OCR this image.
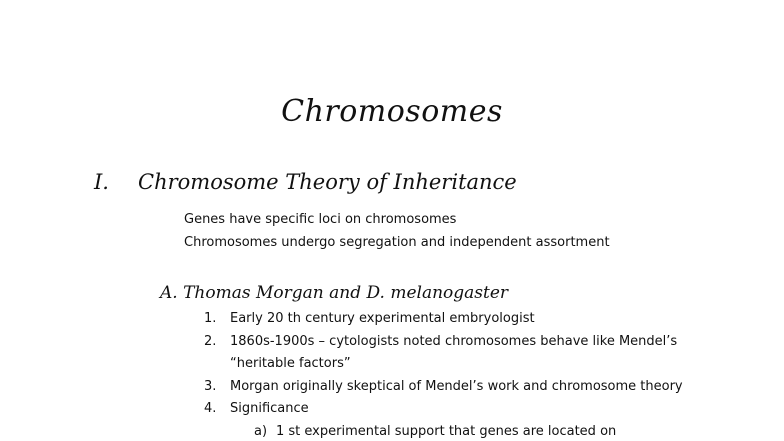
Chromosomes
I. Chromosome Theory of Inheritance
Genes have specific loci on chromosomes
Chromosomes undergo segregation and independent assortment
A. Thomas Morgan and D. melanogaster
1.	Early 20 th century experimental embryologist
2.	1860s-1900s – cytologists noted chromosomes behave like Mendel’s
“heritable factors”
3.	Morgan originally skeptical of Mendel’s work and chromosome theory
4.	Significance
a) 1 st experimental support that genes are located on
